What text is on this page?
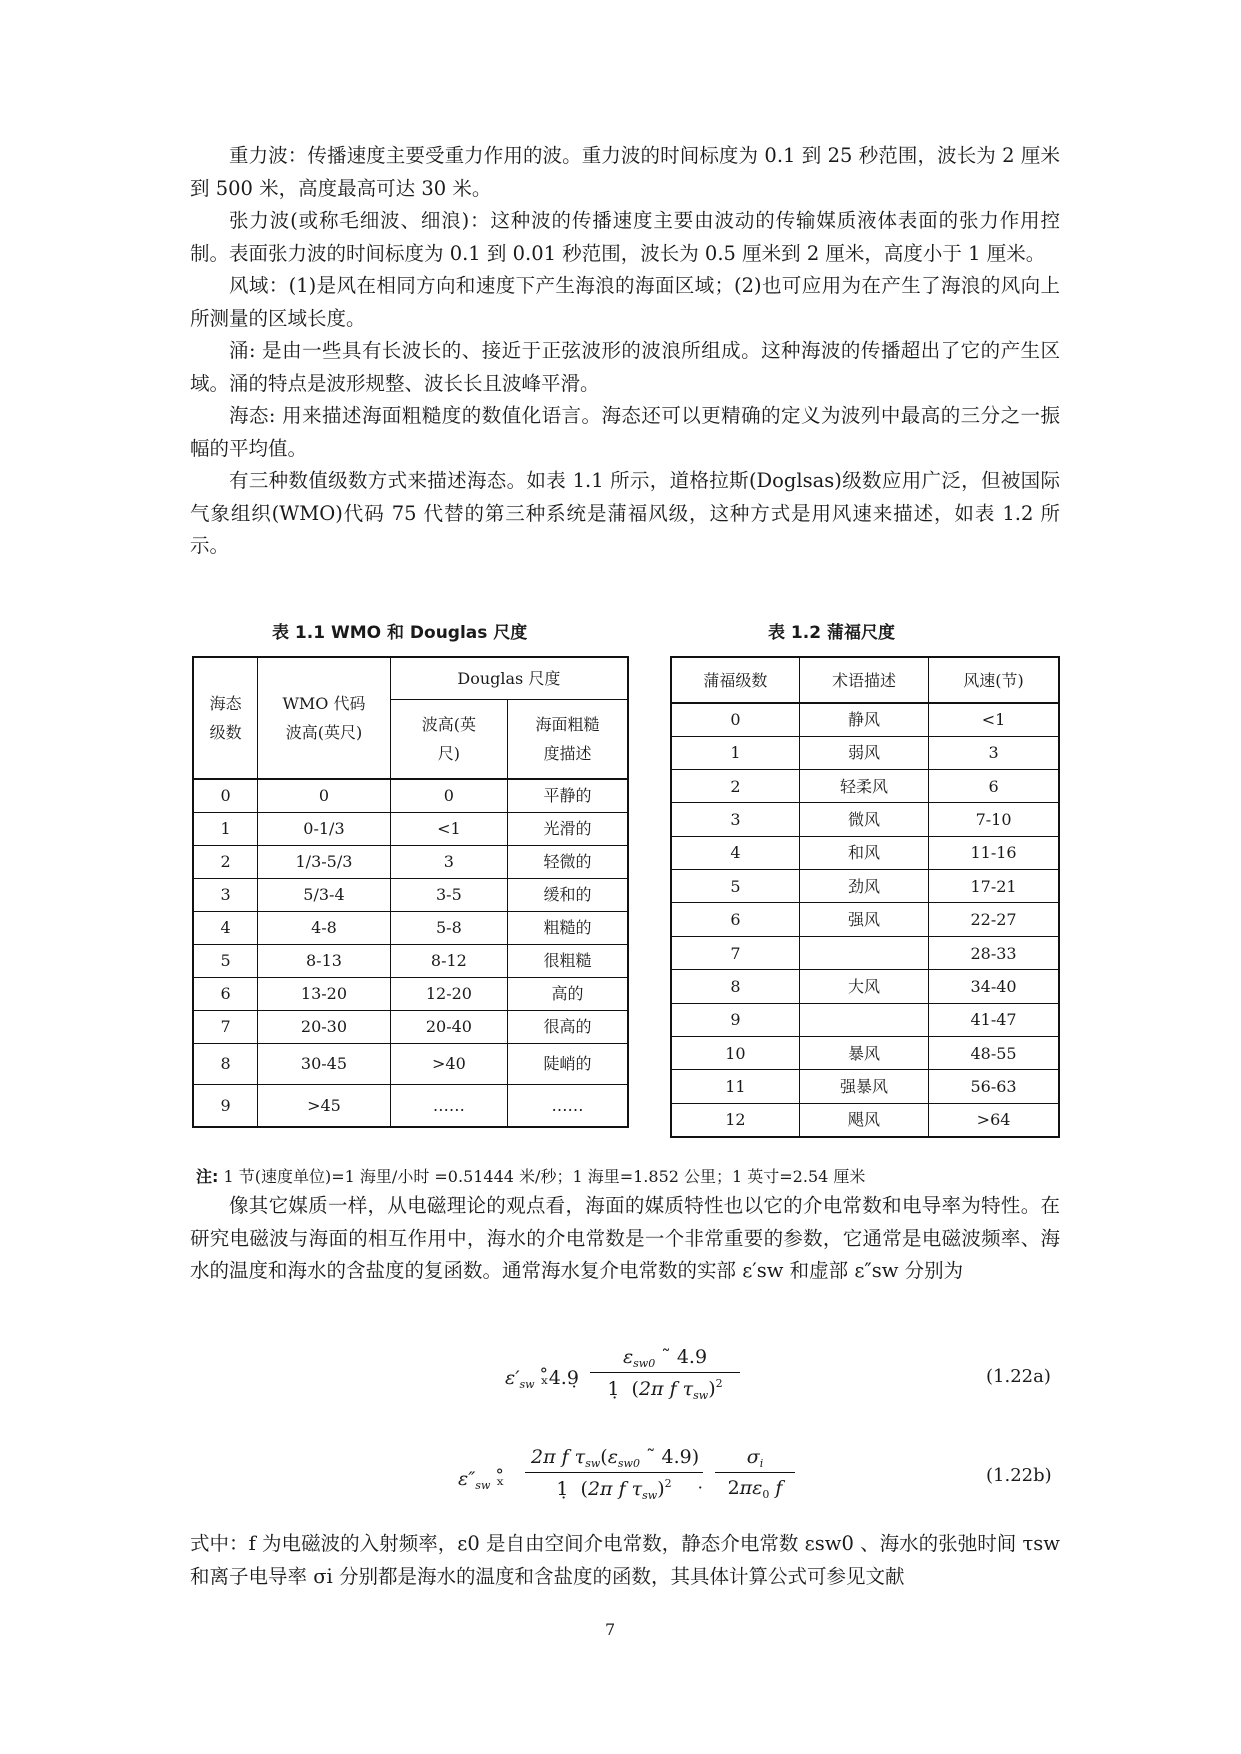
重力波：传播速度主要受重力作用的波。重力波的时间标度为 0.1 到 25 秒范围，波长为 2 厘米到 500 米，高度最高可达 30 米。

张力波(或称毛细波、细浪)：这种波的传播速度主要由波动的传输媒质液体表面的张力作用控制。表面张力波的时间标度为 0.1 到 0.01 秒范围，波长为 0.5 厘米到 2 厘米，高度小于 1 厘米。

风域：(1)是风在相同方向和速度下产生海浪的海面区域；(2)也可应用为在产生了海浪的风向上所测量的区域长度。

涌: 是由一些具有长波长的、接近于正弦波形的波浪所组成。这种海波的传播超出了它的产生区域。涌的特点是波形规整、波长长且波峰平滑。

海态: 用来描述海面粗糙度的数值化语言。海态还可以更精确的定义为波列中最高的三分之一振幅的平均值。

有三种数值级数方式来描述海态。如表 1.1 所示，道格拉斯(Doglsas)级数应用广泛，但被国际气象组织(WMO)代码 75 代替的第三种系统是蒲福风级，这种方式是用风速来描述，如表 1.2 所示。

表 1.1 WMO 和 Douglas 尺度	表 1.2 蒲福尺度
海态级数	WMO 代码波高(英尺)	Douglas 尺度	
		波高(英尺)	海面粗糙度描述
0	0	0	平静的
1	0-1/3	<1	光滑的
2	1/3-5/3	3	轻微的
3	5/3-4	3-5	缓和的
4	4-8	5-8	粗糙的
5	8-13	8-12	很粗糙
6	13-20	12-20	高的
7	20-30	20-40	很高的
8	30-45	>40	陡峭的
9	>45	……	……
蒲福级数	术语描述	风速(节)
0	静风	<1
1	弱风	3
2	轻柔风	6
3	微风	7-10
4	和风	11-16
5	劲风	17-21
6	强风	22-27
7		28-33
8	大风	34-40
9		41-47
10	暴风	48-55
11	强暴风	56-63
12	飓风	>64
注: 1 节(速度单位)=1 海里/小时 =0.51444 米/秒；1 海里=1.852 公里；1 英寸=2.54 厘米

像其它媒质一样，从电磁理论的观点看，海面的媒质特性也以它的介电常数和电导率为特性。在研究电磁波与海面的相互作用中，海水的介电常数是一个非常重要的参数，它通常是电磁波频率、海水的温度和海水的含盐度的复函数。通常海水复介电常数的实部 ε′sw 和虚部 ε″sw 分别为

$\varepsilon'_{sw}$ ₓ̊4.9
$\varepsilon_{sw0}$ ˜ 4.9
1̣ (2π f $\tau_{sw})^2$	(1.22a)
$\varepsilon''_{sw}$ ₓ̊
2π f $\tau_{sw}(\varepsilon_{sw0}$ ˜ 4.9)
1̣ (2π f $\tau_{sw})^2$	$\frac{\sigma_i}{2\pi\varepsilon_0 f}$	(1.22b)

式中：f 为电磁波的入射频率，ε0 是自由空间介电常数，静态介电常数 εsw0 、海水的张弛时间 τsw 和离子电导率 σi 分别都是海水的温度和含盐度的函数，其具体计算公式可参见文献

7
